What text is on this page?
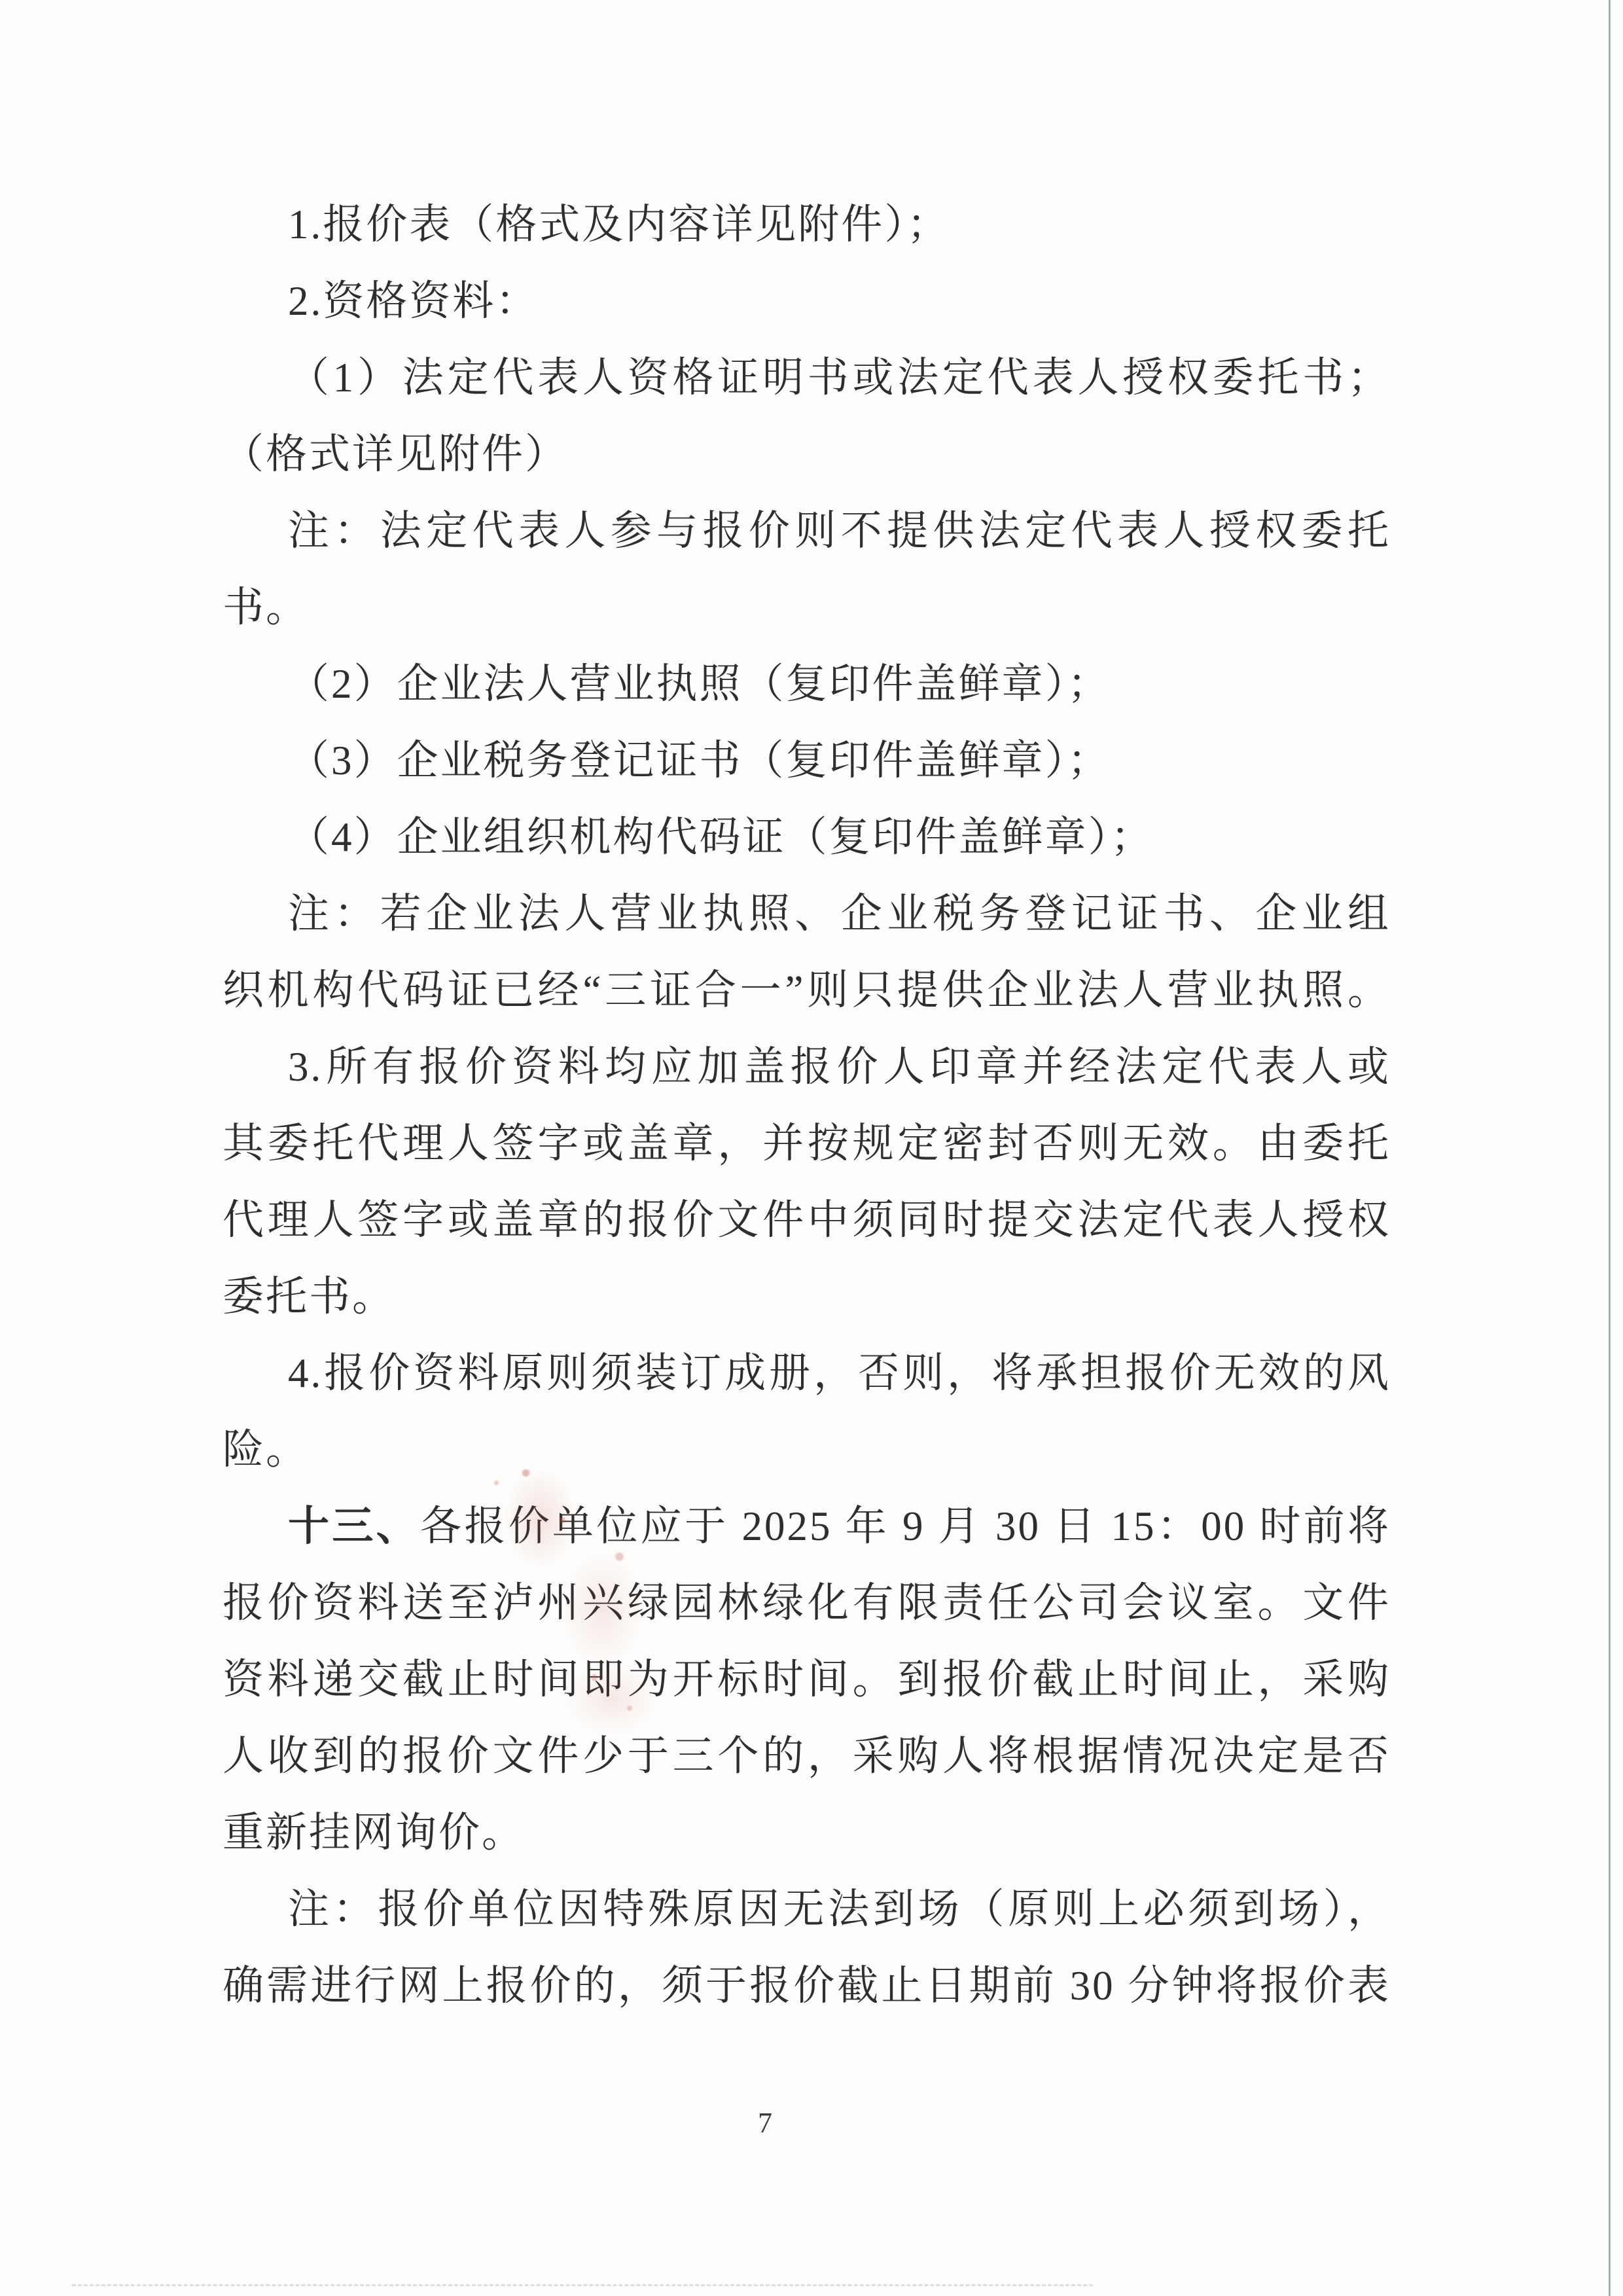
1.报价表（格式及内容详见附件）；
2.资格资料：
（1）法定代表人资格证明书或法定代表人授权委托书；
（格式详见附件）
注：法定代表人参与报价则不提供法定代表人授权委托
书。
（2）企业法人营业执照（复印件盖鲜章）；
（3）企业税务登记证书（复印件盖鲜章）；
（4）企业组织机构代码证（复印件盖鲜章）；
注：若企业法人营业执照、企业税务登记证书、企业组
织机构代码证已经“三证合一”则只提供企业法人营业执照。
3.所有报价资料均应加盖报价人印章并经法定代表人或
其委托代理人签字或盖章，并按规定密封否则无效。由委托
代理人签字或盖章的报价文件中须同时提交法定代表人授权
委托书。
4.报价资料原则须装订成册，否则，将承担报价无效的风
险。
十三、各报价单位应于 2025 年 9 月 30 日 15：00 时前将
报价资料送至泸州兴绿园林绿化有限责任公司会议室。文件
资料递交截止时间即为开标时间。到报价截止时间止，采购
人收到的报价文件少于三个的，采购人将根据情况决定是否
重新挂网询价。
注：报价单位因特殊原因无法到场（原则上必须到场），
确需进行网上报价的，须于报价截止日期前 30 分钟将报价表
7
